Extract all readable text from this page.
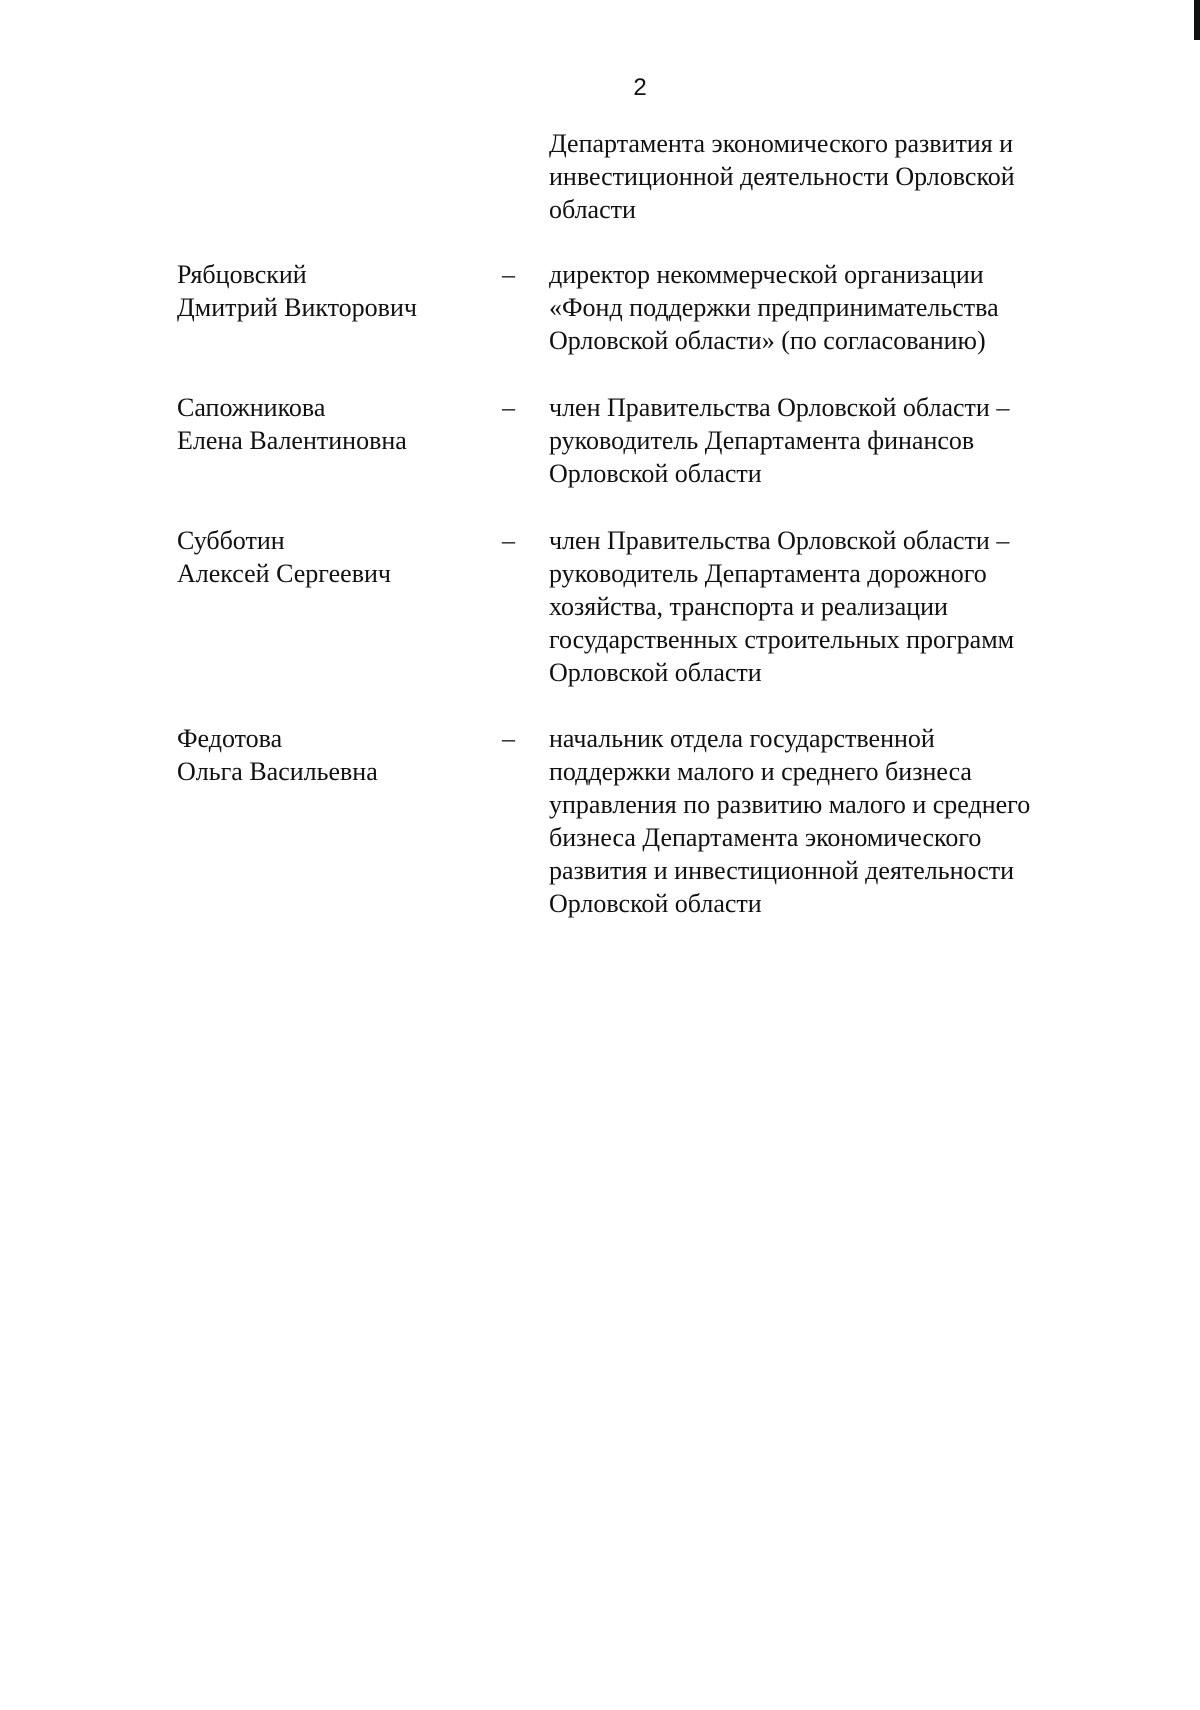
2
Департамента экономического развития и
инвестиционной деятельности Орловской
области
Рябцовский
Дмитрий Викторович
– директор некоммерческой организации
«Фонд поддержки предпринимательства
Орловской области» (по согласованию)
Сапожникова
Елена Валентиновна
– член Правительства Орловской области –
руководитель Департамента финансов
Орловской области
Субботин
Алексей Сергеевич
– член Правительства Орловской области –
руководитель Департамента дорожного
хозяйства, транспорта и реализации
государственных строительных программ
Орловской области
Федотова
Ольга Васильевна
– начальник отдела государственной
поддержки малого и среднего бизнеса
управления по развитию малого и среднего
бизнеса Департамента экономического
развития и инвестиционной деятельности
Орловской области
